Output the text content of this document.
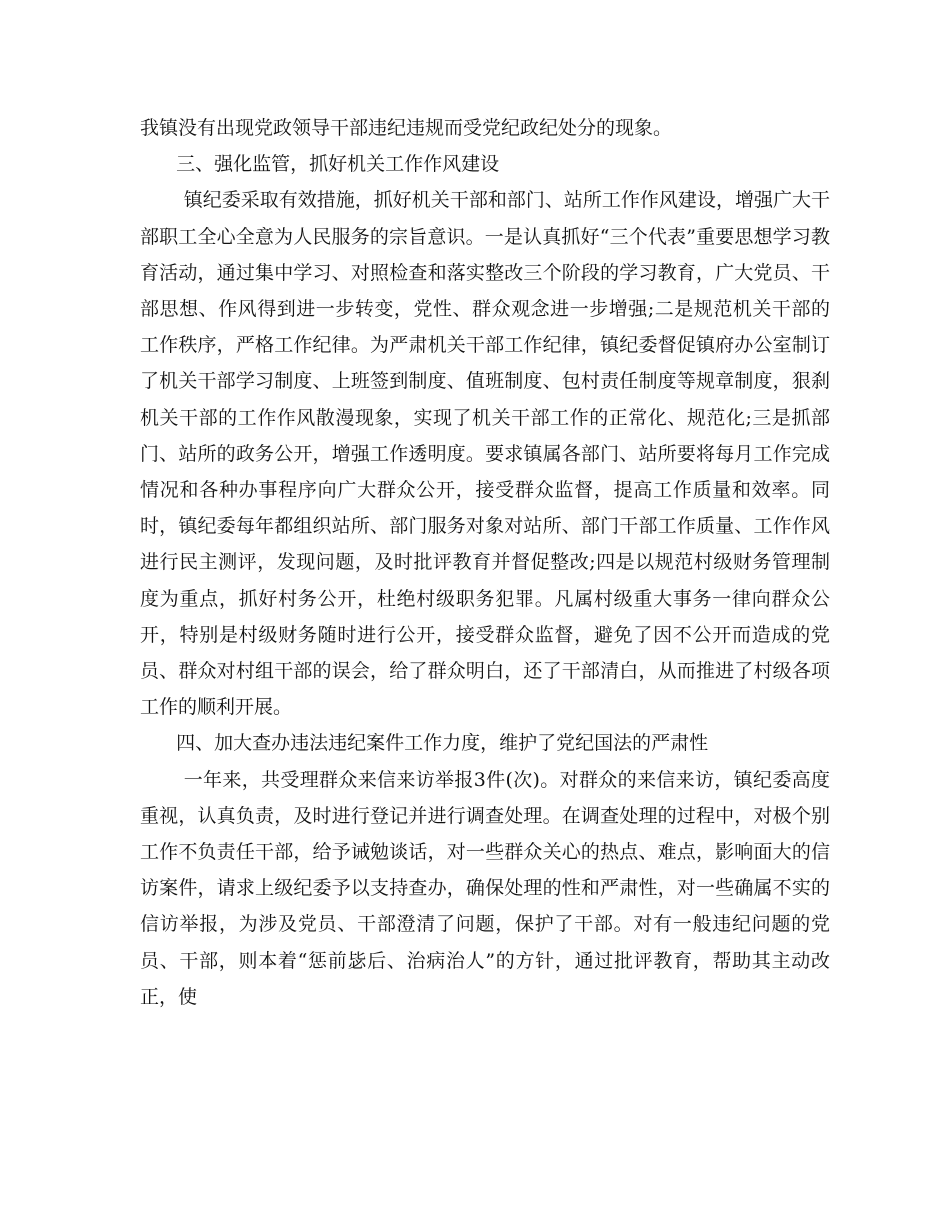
我镇没有出现党政领导干部违纪违规而受党纪政纪处分的现象。

三、强化监管，抓好机关工作作风建设

镇纪委采取有效措施，抓好机关干部和部门、站所工作作风建设，增强广大干部职工全心全意为人民服务的宗旨意识。一是认真抓好“三个代表”重要思想学习教育活动，通过集中学习、对照检查和落实整改三个阶段的学习教育，广大党员、干部思想、作风得到进一步转变，党性、群众观念进一步增强;二是规范机关干部的工作秩序，严格工作纪律。为严肃机关干部工作纪律，镇纪委督促镇府办公室制订了机关干部学习制度、上班签到制度、值班制度、包村责任制度等规章制度，狠刹机关干部的工作作风散漫现象，实现了机关干部工作的正常化、规范化;三是抓部门、站所的政务公开，增强工作透明度。要求镇属各部门、站所要将每月工作完成情况和各种办事程序向广大群众公开，接受群众监督，提高工作质量和效率。同时，镇纪委每年都组织站所、部门服务对象对站所、部门干部工作质量、工作作风进行民主测评，发现问题，及时批评教育并督促整改;四是以规范村级财务管理制度为重点，抓好村务公开，杜绝村级职务犯罪。凡属村级重大事务一律向群众公开，特别是村级财务随时进行公开，接受群众监督，避免了因不公开而造成的党员、群众对村组干部的误会，给了群众明白，还了干部清白，从而推进了村级各项工作的顺利开展。

四、加大查办违法违纪案件工作力度，维护了党纪国法的严肃性

一年来，共受理群众来信来访举报3件(次)。对群众的来信来访，镇纪委高度重视，认真负责，及时进行登记并进行调查处理。在调查处理的过程中，对极个别工作不负责任干部，给予诫勉谈话，对一些群众关心的热点、难点，影响面大的信访案件，请求上级纪委予以支持查办，确保处理的性和严肃性，对一些确属不实的信访举报，为涉及党员、干部澄清了问题，保护了干部。对有一般违纪问题的党员、干部，则本着“惩前毖后、治病治人”的方针，通过批评教育，帮助其主动改正，使
